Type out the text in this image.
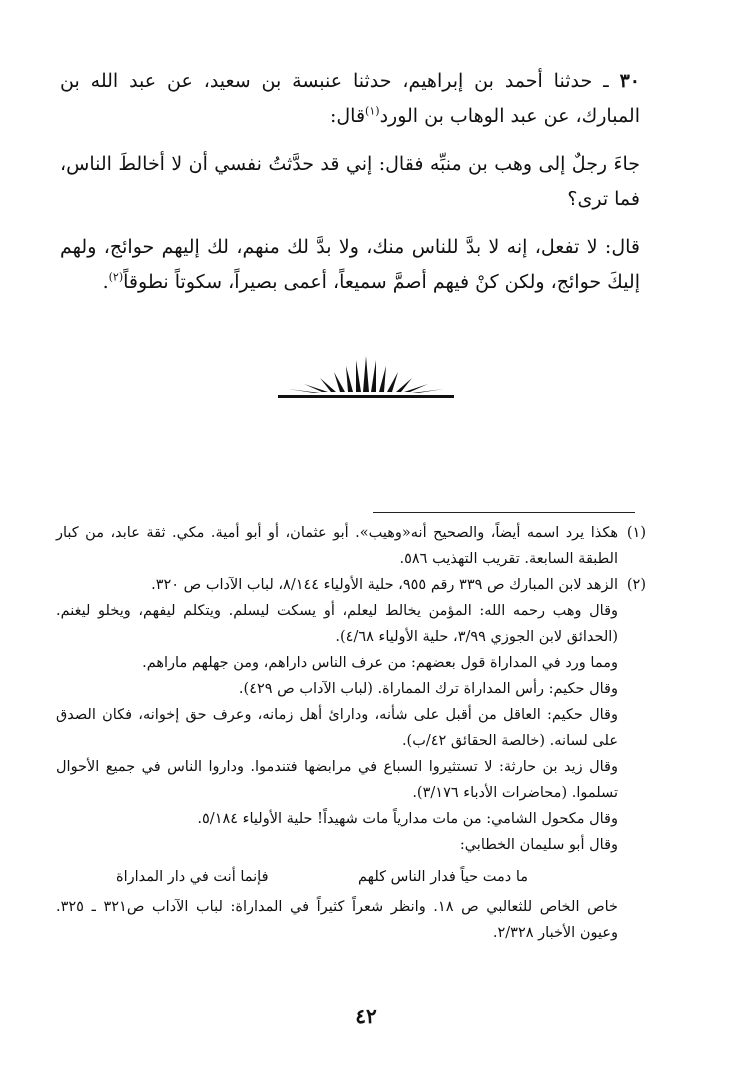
٣٠ ـ حدثنا أحمد بن إبراهيم، حدثنا عنبسة بن سعيد، عن عبد الله بن المبارك، عن عبد الوهاب بن الورد$^{(١)}$قال:

جاءَ رجلٌ إلى وهب بن منبِّه فقال: إني قد حدَّثتُ نفسي أن لا أخالطَ الناس، فما ترى؟

قال: لا تفعل، إنه لا بدَّ للناس منك، ولا بدَّ لك منهم، لك إليهم حوائج، ولهم إليكَ حوائج، ولكن كنْ فيهم أصمَّ سميعاً، أعمى بصيراً، سكوتاً نطوقاً$^{(٢)}$.

(١)
هكذا يرد اسمه أيضاً، والصحيح أنه«وهيب». أبو عثمان، أو أبو أمية. مكي. ثقة عابد، من كبار الطبقة السابعة. تقريب التهذيب ٥٨٦.
(٢)
الزهد لابن المبارك ص ٣٣٩ رقم ٩٥٥، حلية الأولياء ٨/١٤٤، لباب الآداب ص ٣٢٠.

وقال وهب رحمه الله: المؤمن يخالط ليعلم، أو يسكت ليسلم. ويتكلم ليفهم، ويخلو ليغنم. (الحدائق لابن الجوزي ٣/٩٩، حلية الأولياء ٤/٦٨).

ومما ورد في المداراة قول بعضهم: من عرف الناس داراهم، ومن جهلهم ماراهم.

وقال حكيم: رأس المداراة ترك المماراة. (لباب الآداب ص ٤٢٩).

وقال حكيم: العاقل من أقبل على شأنه، وداراىٔ أهل زمانه، وعرف حق إخوانه، فكان الصدق على لسانه. (خالصة الحقائق ٤٢/ب).

وقال زيد بن حارثة: لا تستثيروا السباع في مرابضها فتندموا. وداروا الناس في جميع الأحوال تسلموا. (محاضرات الأدباء ٣/١٧٦).

وقال مكحول الشامي: من مات مدارياً مات شهيداً! حلية الأولياء ٥/١٨٤.

وقال أبو سليمان الخطابي:

ما دمت حياً فدار الناس كلهم
فإنما أنت في دار المداراة

خاص الخاص للثعالبي ص ١٨. وانظر شعراً كثيراً في المداراة: لباب الآداب ص٣٢١ ـ ٣٢٥. وعيون الأخبار ٢/٣٢٨.

٤٢
